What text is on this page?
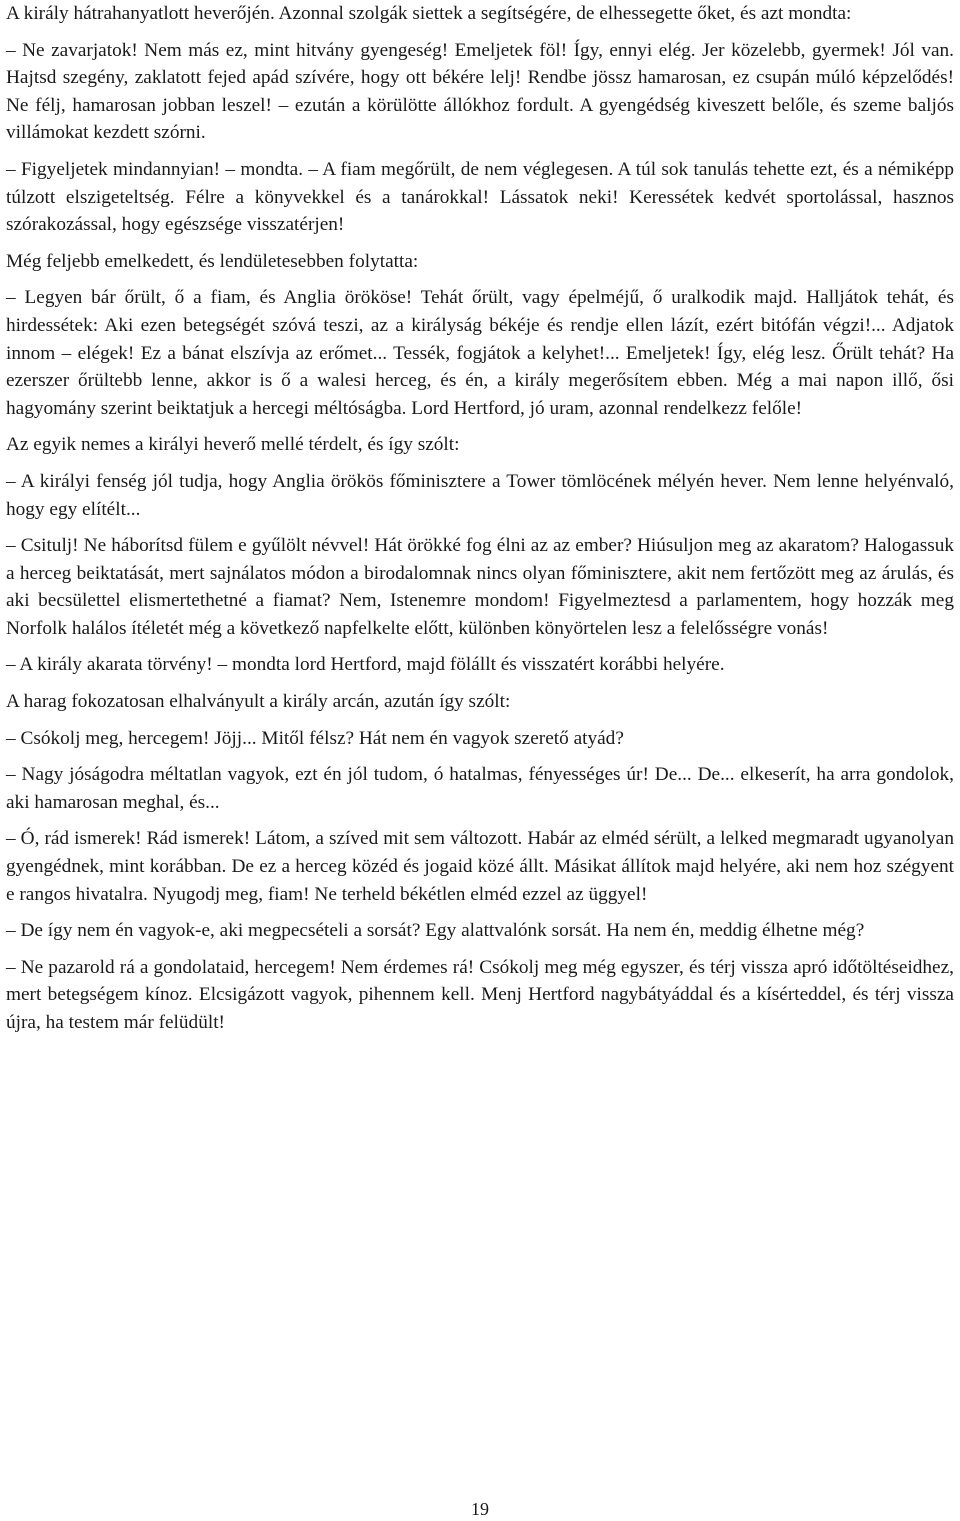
A király hátrahanyatlott heverőjén. Azonnal szolgák siettek a segítségére, de elhessegette őket, és azt mondta:

– Ne zavarjatok! Nem más ez, mint hitvány gyengeség! Emeljetek föl! Így, ennyi elég. Jer közelebb, gyermek! Jól van. Hajtsd szegény, zaklatott fejed apád szívére, hogy ott békére lelj! Rendbe jössz hamarosan, ez csupán múló képzelődés! Ne félj, hamarosan jobban leszel! – ezután a körülötte állókhoz fordult. A gyengédség kiveszett belőle, és szeme baljós villámokat kezdett szórni.

– Figyeljetek mindannyian! – mondta. – A fiam megőrült, de nem véglegesen. A túl sok tanulás tehette ezt, és a némiképp túlzott elszigeteltség. Félre a könyvekkel és a tanárokkal! Lássatok neki! Keressétek kedvét sportolással, hasznos szórakozással, hogy egészsége visszatérjen!

Még feljebb emelkedett, és lendületesebben folytatta:

– Legyen bár őrült, ő a fiam, és Anglia örököse! Tehát őrült, vagy épelméjű, ő uralkodik majd. Halljátok tehát, és hirdessétek: Aki ezen betegségét szóvá teszi, az a királyság békéje és rendje ellen lázít, ezért bitófán végzi!... Adjatok innom – elégek! Ez a bánat elszívja az erőmet... Tessék, fogjátok a kelyhet!... Emeljetek! Így, elég lesz. Őrült tehát? Ha ezerszer őrültebb lenne, akkor is ő a walesi herceg, és én, a király megerősítem ebben. Még a mai napon illő, ősi hagyomány szerint beiktatjuk a hercegi méltóságba. Lord Hertford, jó uram, azonnal rendelkezz felőle!

Az egyik nemes a királyi heverő mellé térdelt, és így szólt:

– A királyi fenség jól tudja, hogy Anglia örökös főminisztere a Tower tömlöcének mélyén hever. Nem lenne helyénvaló, hogy egy elítélt...

– Csitulj! Ne háborítsd fülem e gyűlölt névvel! Hát örökké fog élni az az ember? Hiúsuljon meg az akaratom? Halogassuk a herceg beiktatását, mert sajnálatos módon a birodalomnak nincs olyan főminisztere, akit nem fertőzött meg az árulás, és aki becsülettel elismertethetné a fiamat? Nem, Istenemre mondom! Figyelmeztesd a parlamentem, hogy hozzák meg Norfolk halálos ítéletét még a következő napfelkelte előtt, különben könyörtelen lesz a felelősségre vonás!

– A király akarata törvény! – mondta lord Hertford, majd fölállt és visszatért korábbi helyére.

A harag fokozatosan elhalványult a király arcán, azután így szólt:

– Csókolj meg, hercegem! Jöjj... Mitől félsz? Hát nem én vagyok szerető atyád?

– Nagy jóságodra méltatlan vagyok, ezt én jól tudom, ó hatalmas, fényességes úr! De... De... elkeserít, ha arra gondolok, aki hamarosan meghal, és...

– Ó, rád ismerek! Rád ismerek! Látom, a szíved mit sem változott. Habár az elméd sérült, a lelked megmaradt ugyanolyan gyengédnek, mint korábban. De ez a herceg közéd és jogaid közé állt. Másikat állítok majd helyére, aki nem hoz szégyent e rangos hivatalra. Nyugodj meg, fiam! Ne terheld békétlen elméd ezzel az üggyel!

– De így nem én vagyok-e, aki megpecsételi a sorsát? Egy alattvalónk sorsát. Ha nem én, meddig élhetne még?

– Ne pazarold rá a gondolataid, hercegem! Nem érdemes rá! Csókolj meg még egyszer, és térj vissza apró időtöltéseidhez, mert betegségem kínoz. Elcsigázott vagyok, pihennem kell. Menj Hertford nagybátyáddal és a kísérteddel, és térj vissza újra, ha testem már felüdült!

19
